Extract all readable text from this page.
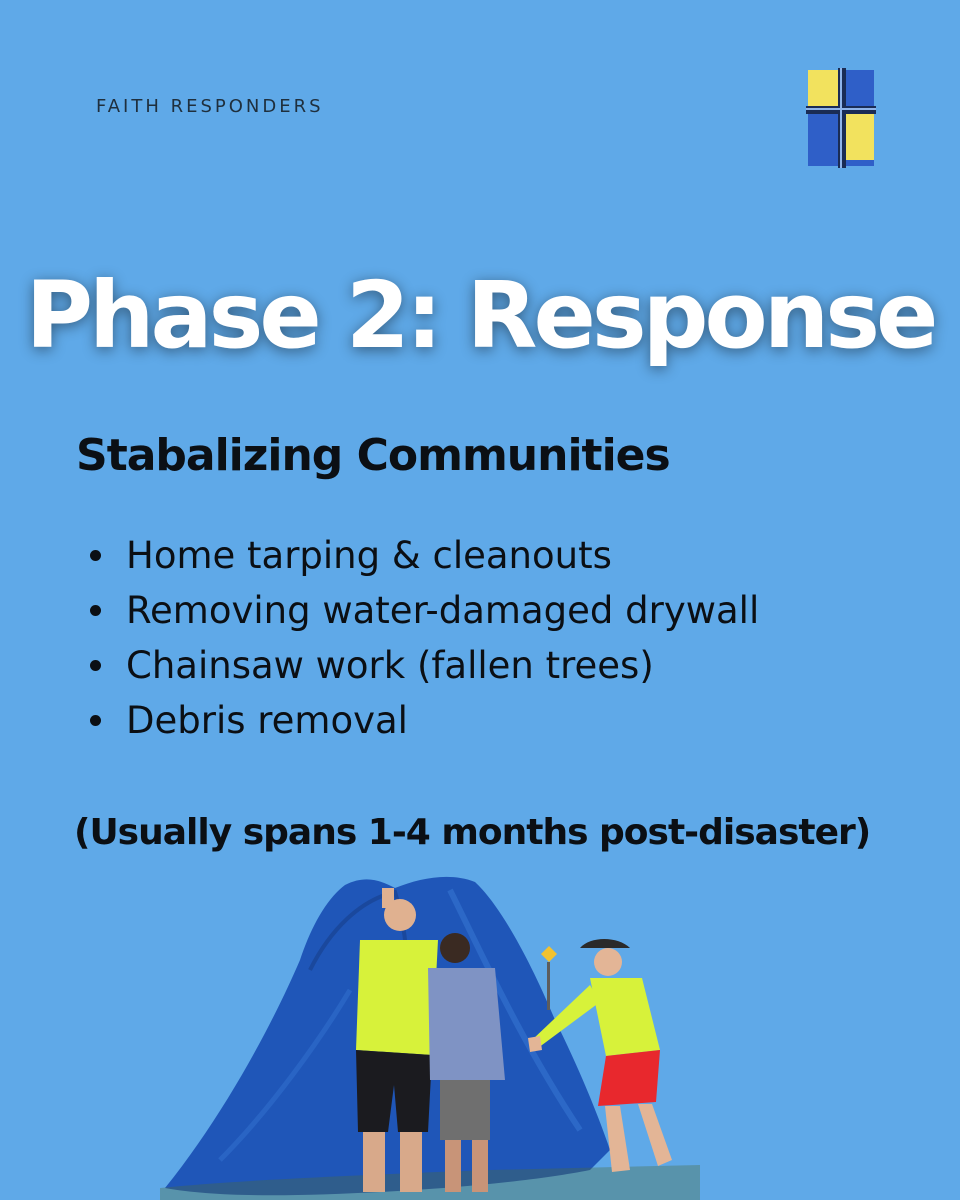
FAITH RESPONDERS
Phase 2: Response
Stabalizing Communities
Home tarping & cleanouts
Removing water-damaged drywall
Chainsaw work (fallen trees)
Debris removal

(Usually spans 1-4 months post-disaster)
